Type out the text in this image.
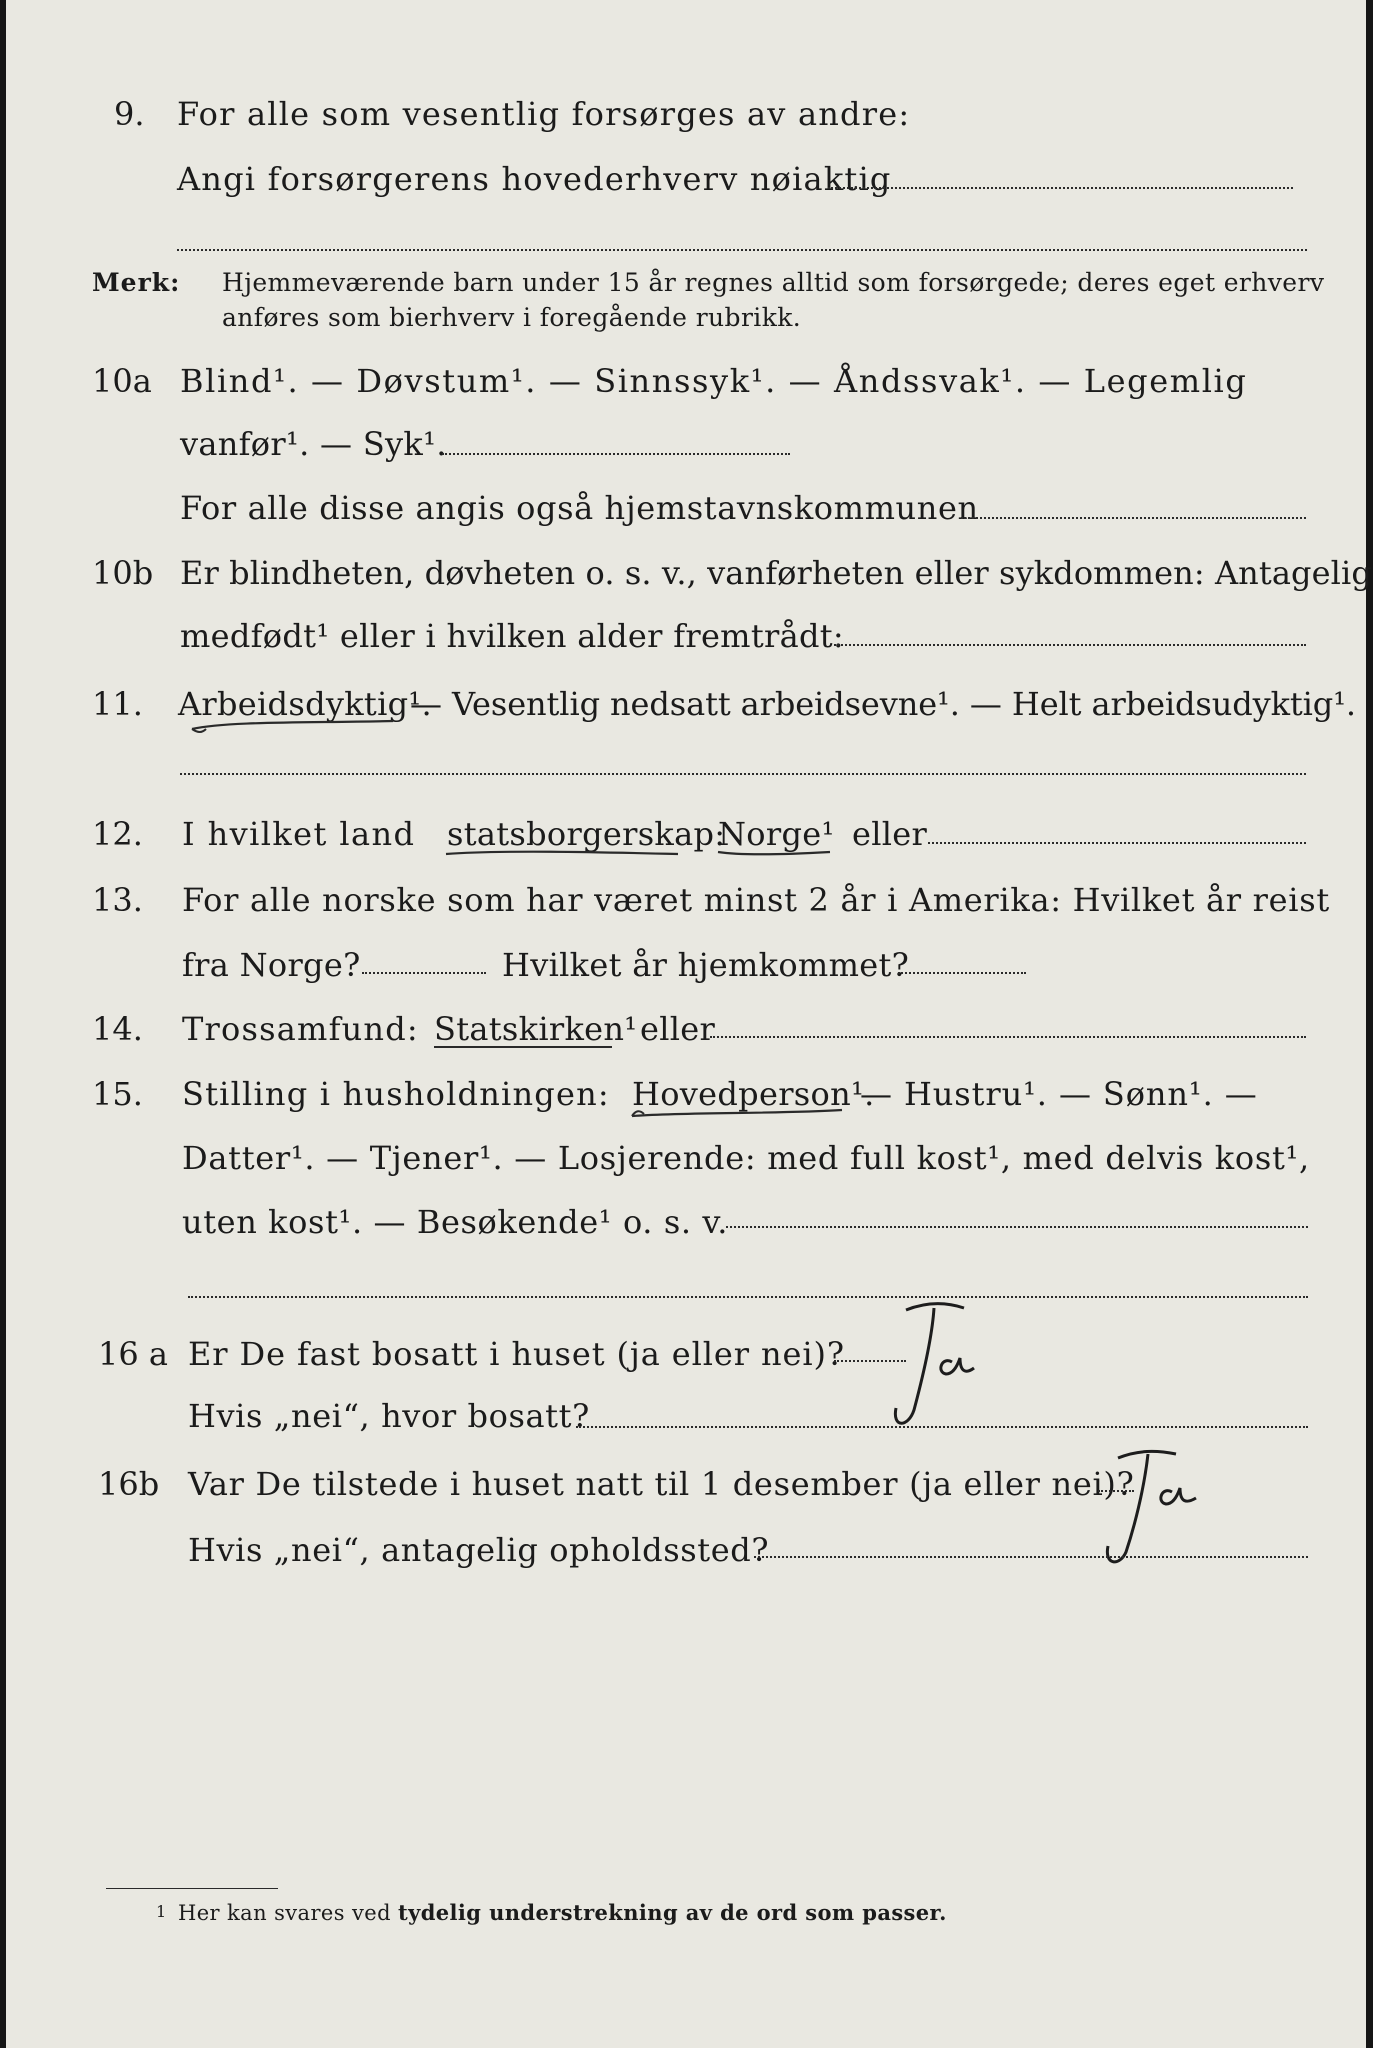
9. For alle som vesentlig forsørges av andre:
Angi forsørgerens hovederhverv nøiaktig
Merk: Hjemmeværende barn under 15 år regnes alltid som forsørgede; deres eget erhverv
anføres som bierhverv i foregående rubrikk.
10a Blind¹. — Døvstum¹. — Sinnssyk¹. — Åndssvak¹. — Legemlig
vanfør¹. — Syk¹.
For alle disse angis også hjemstavnskommunen
10b Er blindheten, døvheten o. s. v., vanførheten eller sykdommen: Antagelig
medfødt¹ eller i hvilken alder fremtrådt:
11. Arbeidsdyktig¹.
— Vesentlig nedsatt arbeidsevne¹. — Helt arbeidsudyktig¹.
12. I hvilket land statsborgerskap:
Norge¹ eller
13. For alle norske som har været minst 2 år i Amerika: Hvilket år reist
fra Norge?	Hvilket år hjemkommet?
14. Trossamfund: Statskirken¹ eller
15. Stilling i husholdningen: Hovedperson¹.
— Hustru¹. — Sønn¹. —
Datter¹. — Tjener¹. — Losjerende: med full kost¹, med delvis kost¹,
uten kost¹. — Besøkende¹ o. s. v.
16 a Er De fast bosatt i huset (ja eller nei)?
Hvis „nei“, hvor bosatt?
16b Var De tilstede i huset natt til 1 desember (ja eller nei)?
Hvis „nei“, antagelig opholdssted?
1 Her kan svares ved tydelig understrekning av de ord som passer.
